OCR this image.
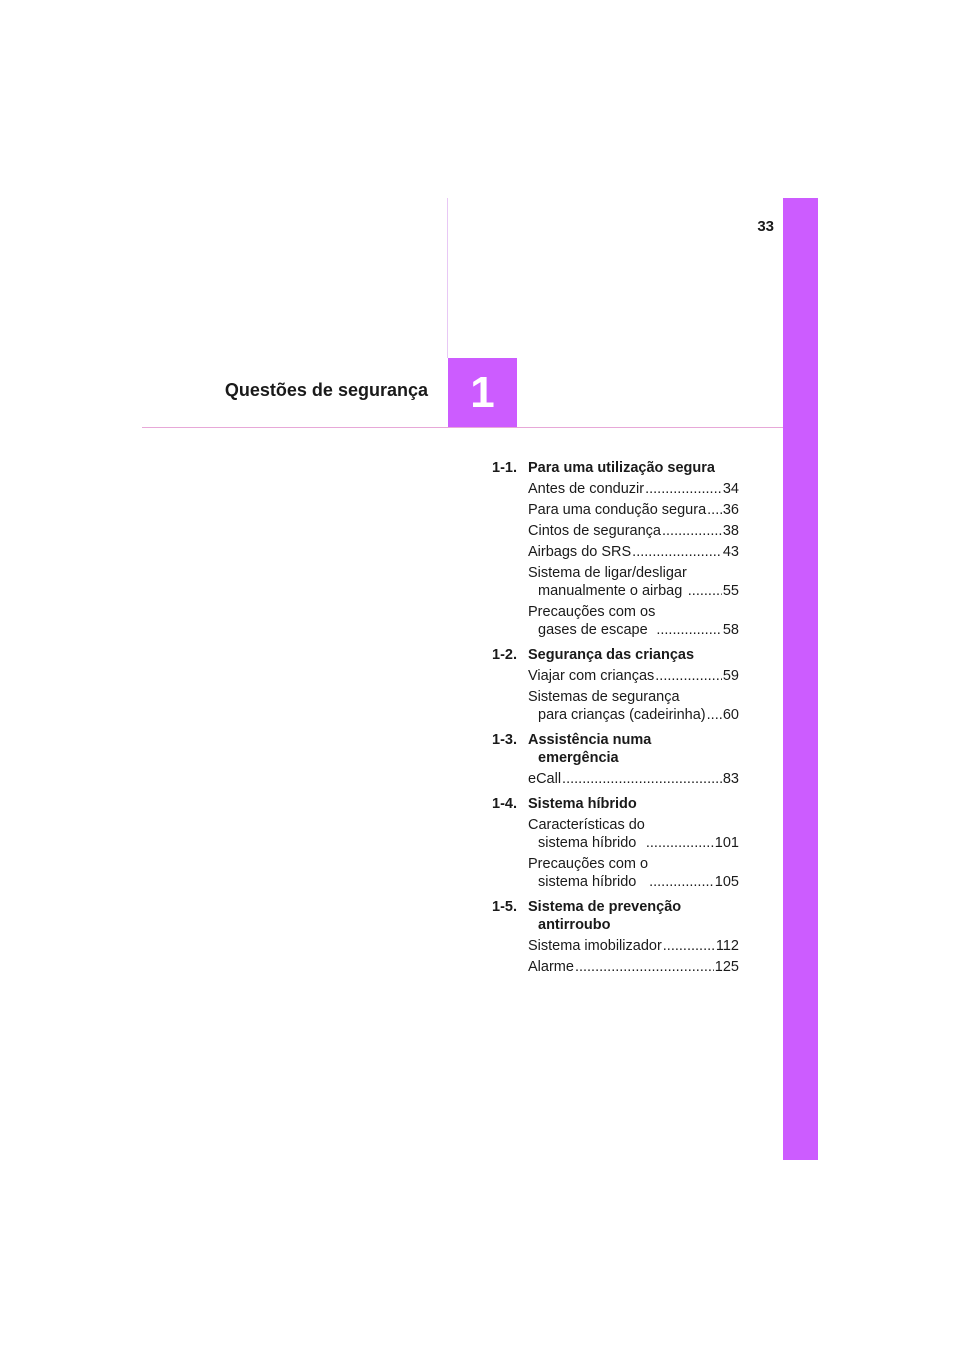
33
1
Questões de segurança
1-1. Para uma utilização segura
Antes de conduzir .....	34
Para uma condução segura ..... 36
Cintos de segurança .....	38
Airbags do SRS .....	43
Sistema de ligar/desligar
manualmente o airbag .....	55
Precauções com os
gases de escape .....	58
1-2. Segurança das crianças
Viajar com crianças .....	59
Sistemas de segurança
para crianças (cadeirinha) ..... 60
1-3. Assistência numa
emergência
eCall .....	83
1-4. Sistema híbrido
Características do
sistema híbrido .....	101
Precauções com o
sistema híbrido .....	105
1-5. Sistema de prevenção
antirroubo
Sistema imobilizador .....	112
Alarme .....	125
